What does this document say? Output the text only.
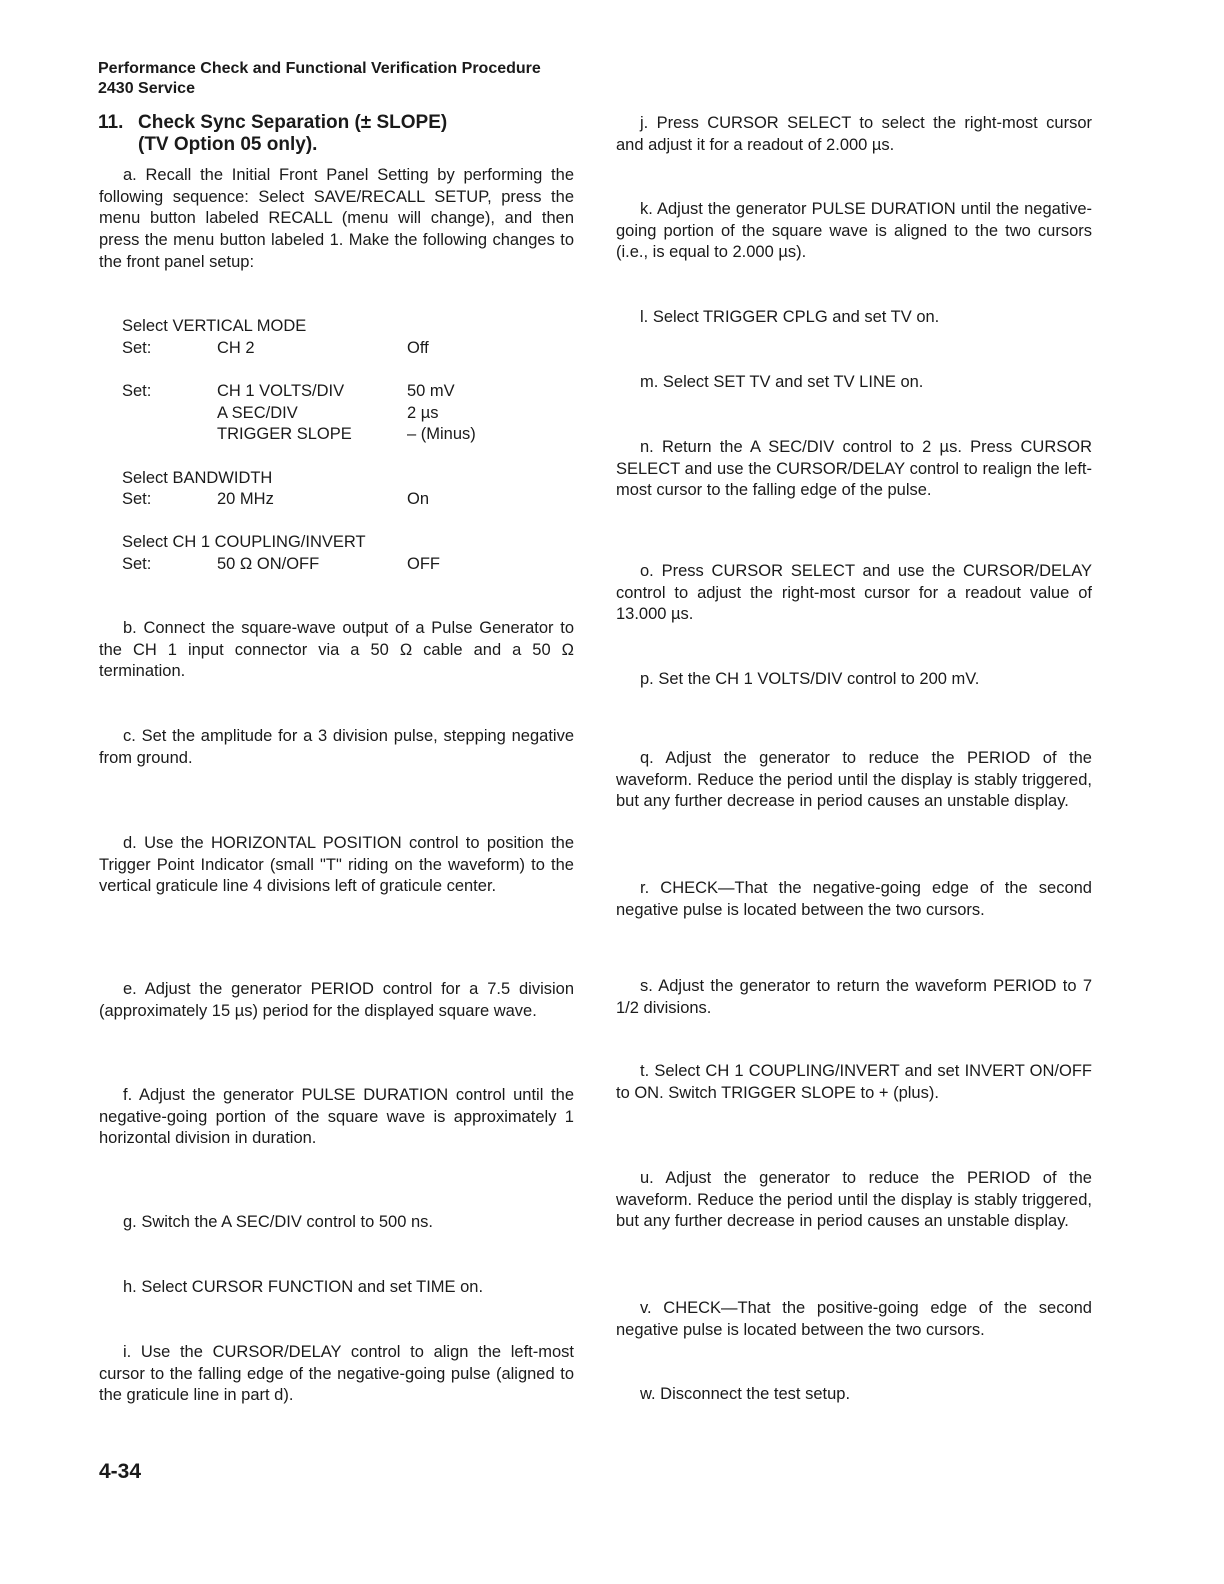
Performance Check and Functional Verification Procedure
2430 Service
11. Check Sync Separation (± SLOPE)
(TV Option 05 only).

a. Recall the Initial Front Panel Setting by performing the following sequence: Select SAVE/RECALL SETUP, press the menu button labeled RECALL (menu will change), and then press the menu button labeled 1. Make the following changes to the front panel setup:

Select VERTICAL MODE
Set:	CH 2	Off
Set:	CH 1 VOLTS/DIV	50 mV
A SEC/DIV	2 µs
TRIGGER SLOPE	– (Minus)
Select BANDWIDTH
Set:	20 MHz	On
Select CH 1 COUPLING/INVERT
Set:	50 Ω ON/OFF	OFF

b. Connect the square-wave output of a Pulse Generator to the CH 1 input connector via a 50 Ω cable and a 50 Ω termination.

c. Set the amplitude for a 3 division pulse, stepping negative from ground.

d. Use the HORIZONTAL POSITION control to position the Trigger Point Indicator (small "T" riding on the waveform) to the vertical graticule line 4 divisions left of graticule center.

e. Adjust the generator PERIOD control for a 7.5 division (approximately 15 µs) period for the displayed square wave.

f. Adjust the generator PULSE DURATION control until the negative-going portion of the square wave is approximately 1 horizontal division in duration.

g. Switch the A SEC/DIV control to 500 ns.

h. Select CURSOR FUNCTION and set TIME on.

i. Use the CURSOR/DELAY control to align the left-most cursor to the falling edge of the negative-going pulse (aligned to the graticule line in part d).

j. Press CURSOR SELECT to select the right-most cursor and adjust it for a readout of 2.000 µs.

k. Adjust the generator PULSE DURATION until the negative-going portion of the square wave is aligned to the two cursors (i.e., is equal to 2.000 µs).

l. Select TRIGGER CPLG and set TV on.

m. Select SET TV and set TV LINE on.

n. Return the A SEC/DIV control to 2 µs. Press CURSOR SELECT and use the CURSOR/DELAY control to realign the left-most cursor to the falling edge of the pulse.

o. Press CURSOR SELECT and use the CURSOR/DELAY control to adjust the right-most cursor for a readout value of 13.000 µs.

p. Set the CH 1 VOLTS/DIV control to 200 mV.

q. Adjust the generator to reduce the PERIOD of the waveform. Reduce the period until the display is stably triggered, but any further decrease in period causes an unstable display.

r. CHECK—That the negative-going edge of the second negative pulse is located between the two cursors.

s. Adjust the generator to return the waveform PERIOD to 7 1/2 divisions.

t. Select CH 1 COUPLING/INVERT and set INVERT ON/OFF to ON. Switch TRIGGER SLOPE to + (plus).

u. Adjust the generator to reduce the PERIOD of the waveform. Reduce the period until the display is stably triggered, but any further decrease in period causes an unstable display.

v. CHECK—That the positive-going edge of the second negative pulse is located between the two cursors.

w. Disconnect the test setup.

4-34
